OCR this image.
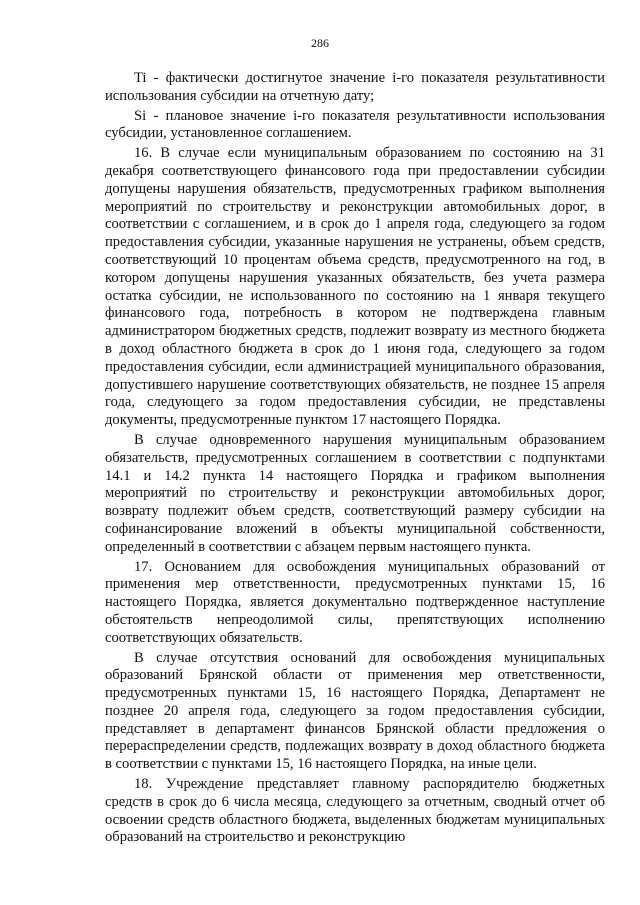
286

Ti - фактически достигнутое значение i-го показателя результативности использования субсидии на отчетную дату;

Si - плановое значение i-го показателя результативности использования субсидии, установленное соглашением.

16. В случае если муниципальным образованием по состоянию на 31 декабря соответствующего финансового года при предоставлении субсидии допущены нарушения обязательств, предусмотренных графиком выполнения мероприятий по строительству и реконструкции автомобильных дорог, в соответствии с соглашением, и в срок до 1 апреля года, следующего за годом предоставления субсидии, указанные нарушения не устранены, объем средств, соответствующий 10 процентам объема средств, предусмотренного на год, в котором допущены нарушения указанных обязательств, без учета размера остатка субсидии, не использованного по состоянию на 1 января текущего финансового года, потребность в котором не подтверждена главным администратором бюджетных средств, подлежит возврату из местного бюджета в доход областного бюджета в срок до 1 июня года, следующего за годом предоставления субсидии, если администрацией муниципального образования, допустившего нарушение соответствующих обязательств, не позднее 15 апреля года, следующего за годом предоставления субсидии, не представлены документы, предусмотренные пунктом 17 настоящего Порядка.

В случае одновременного нарушения муниципальным образованием обязательств, предусмотренных соглашением в соответствии с подпунктами 14.1 и 14.2 пункта 14 настоящего Порядка и графиком выполнения мероприятий по строительству и реконструкции автомобильных дорог, возврату подлежит объем средств, соответствующий размеру субсидии на софинансирование вложений в объекты муниципальной собственности, определенный в соответствии с абзацем первым настоящего пункта.

17. Основанием для освобождения муниципальных образований от применения мер ответственности, предусмотренных пунктами 15, 16 настоящего Порядка, является документально подтвержденное наступление обстоятельств непреодолимой силы, препятствующих исполнению соответствующих обязательств.

В случае отсутствия оснований для освобождения муниципальных образований Брянской области от применения мер ответственности, предусмотренных пунктами 15, 16 настоящего Порядка, Департамент не позднее 20 апреля года, следующего за годом предоставления субсидии, представляет в департамент финансов Брянской области предложения о перераспределении средств, подлежащих возврату в доход областного бюджета в соответствии с пунктами 15, 16 настоящего Порядка, на иные цели.

18. Учреждение представляет главному распорядителю бюджетных средств в срок до 6 числа месяца, следующего за отчетным, сводный отчет об освоении средств областного бюджета, выделенных бюджетам муниципальных образований на строительство и реконструкцию
